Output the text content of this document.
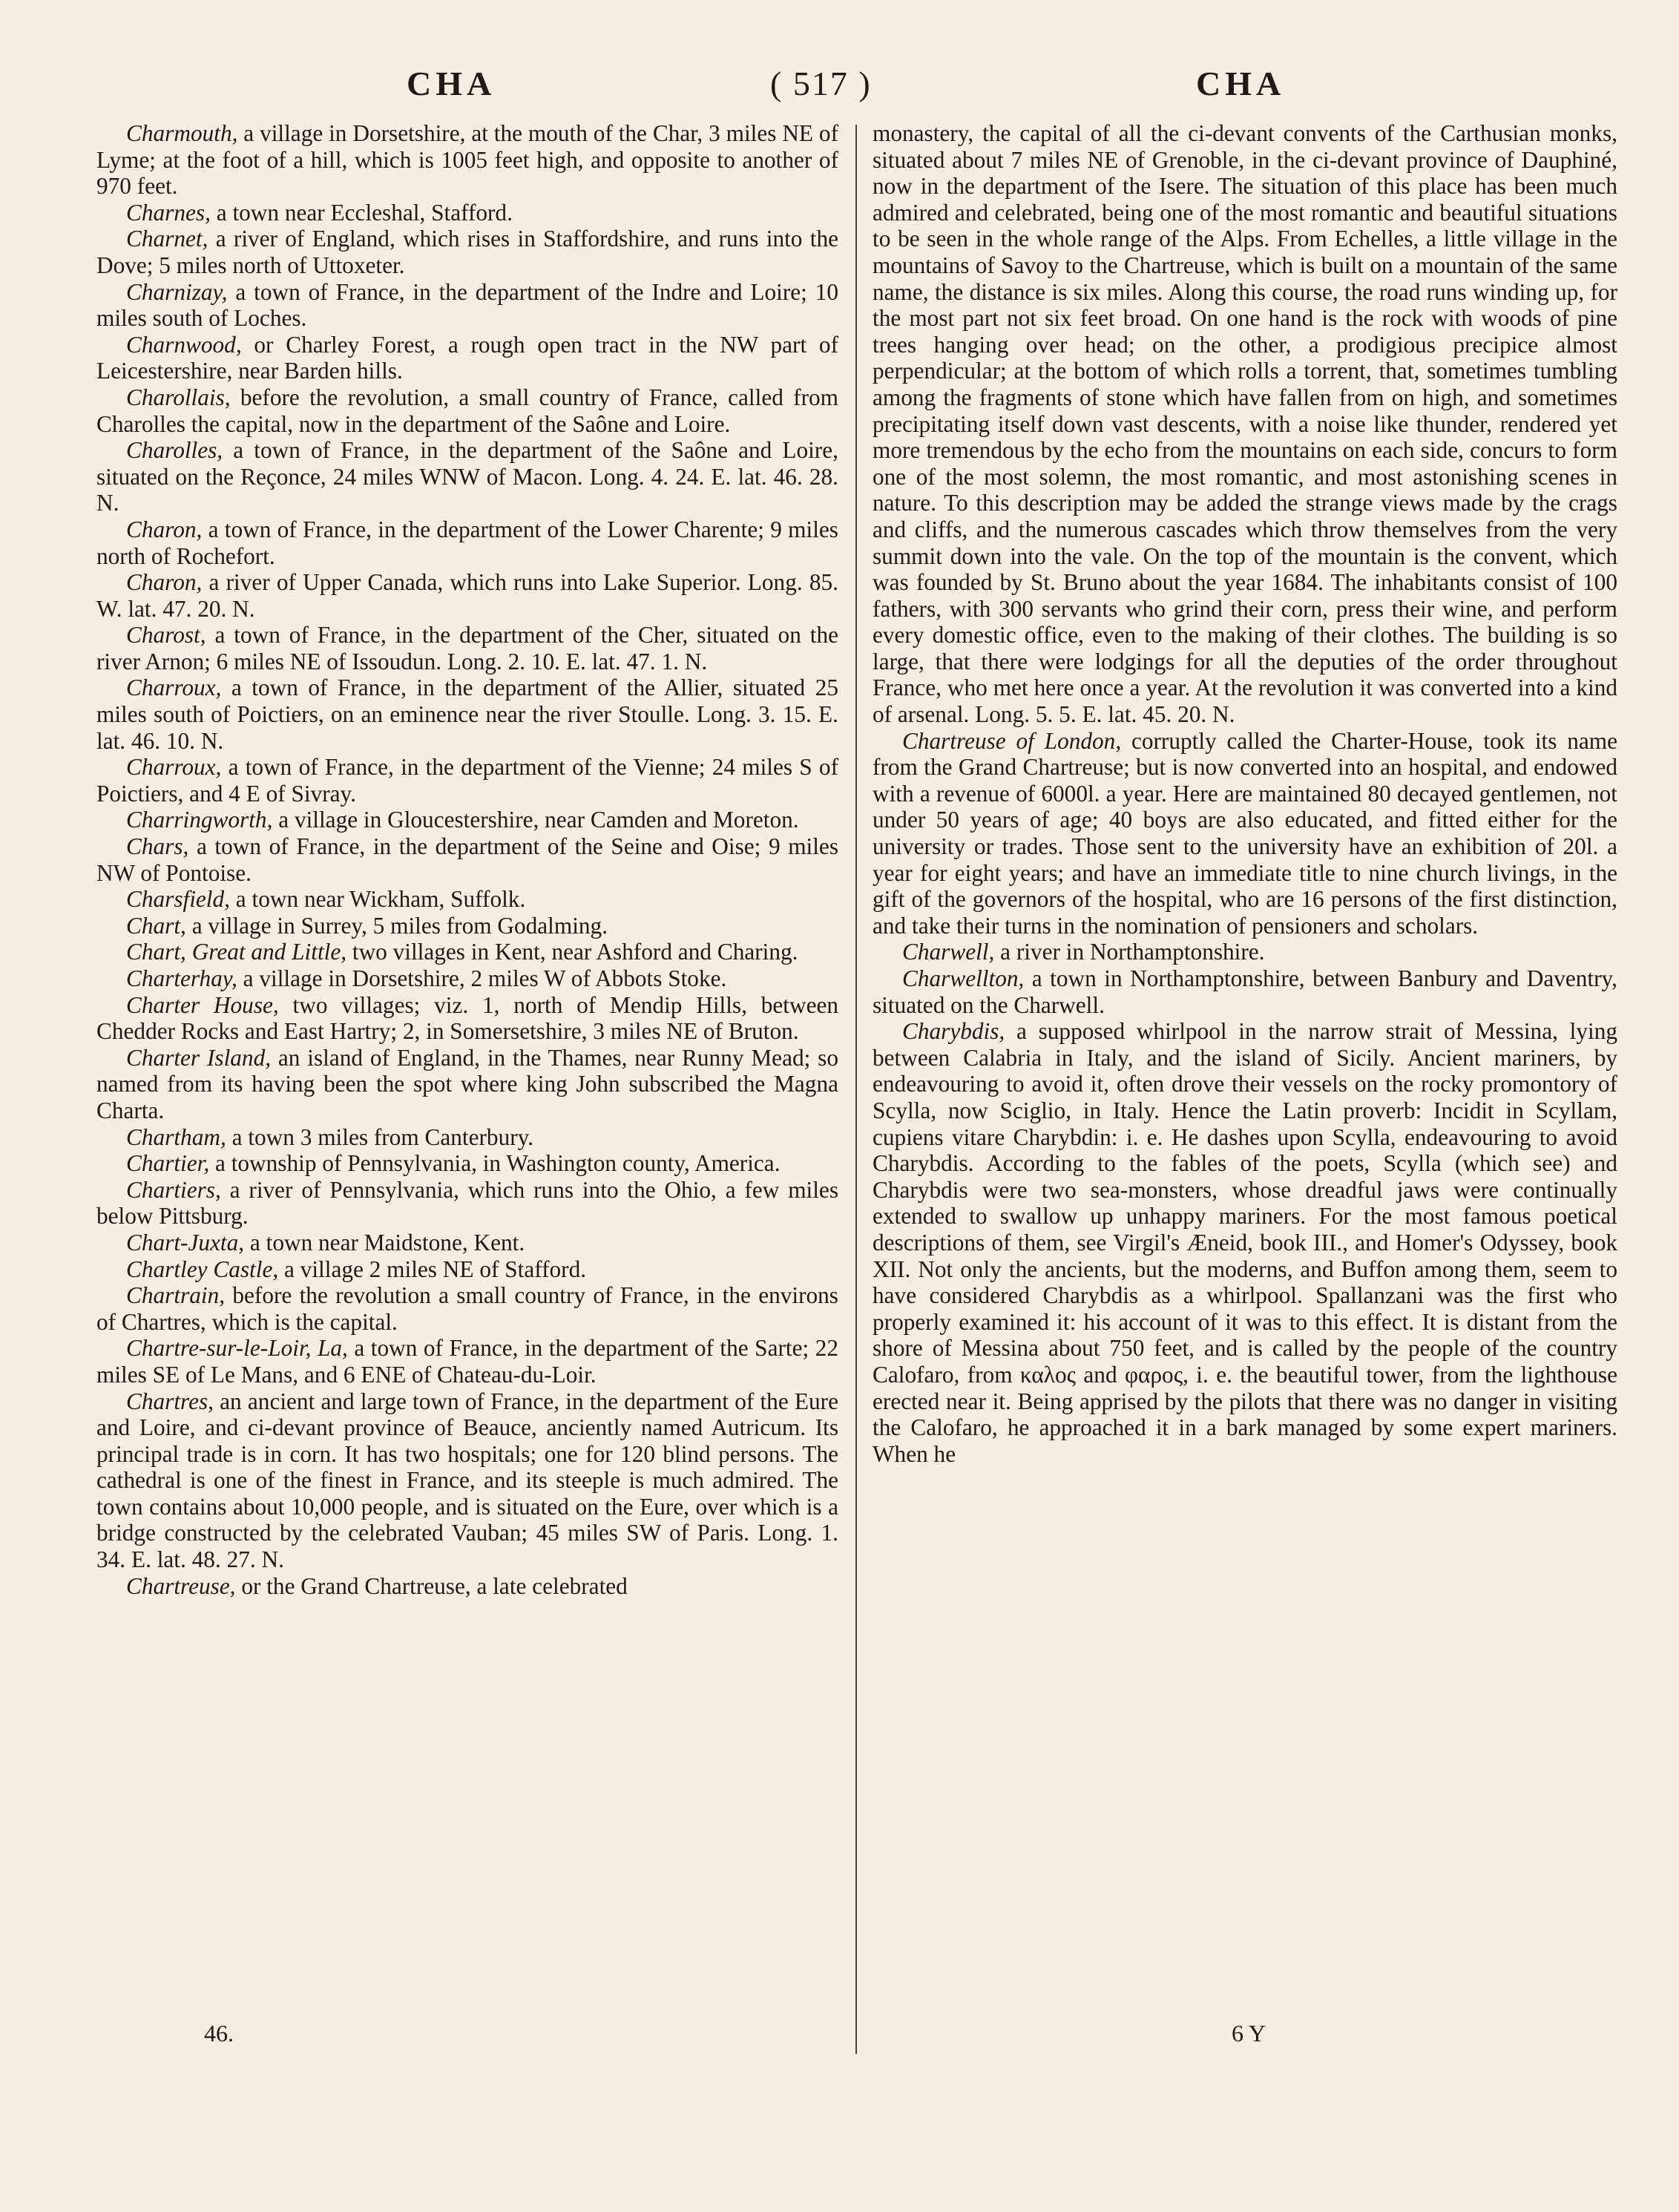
CHA	( 517 )	CHA

Charmouth, a village in Dorsetshire, at the mouth of the Char, 3 miles NE of Lyme; at the foot of a hill, which is 1005 feet high, and opposite to another of 970 feet.

Charnes, a town near Eccleshal, Stafford.

Charnet, a river of England, which rises in Staffordshire, and runs into the Dove; 5 miles north of Uttoxeter.

Charnizay, a town of France, in the department of the Indre and Loire; 10 miles south of Loches.

Charnwood, or Charley Forest, a rough open tract in the NW part of Leicestershire, near Barden hills.

Charollais, before the revolution, a small country of France, called from Charolles the capital, now in the department of the Saône and Loire.

Charolles, a town of France, in the department of the Saône and Loire, situated on the Reçonce, 24 miles WNW of Macon. Long. 4. 24. E. lat. 46. 28. N.

Charon, a town of France, in the department of the Lower Charente; 9 miles north of Rochefort.

Charon, a river of Upper Canada, which runs into Lake Superior. Long. 85. W. lat. 47. 20. N.

Charost, a town of France, in the department of the Cher, situated on the river Arnon; 6 miles NE of Issoudun. Long. 2. 10. E. lat. 47. 1. N.

Charroux, a town of France, in the department of the Allier, situated 25 miles south of Poictiers, on an eminence near the river Stoulle. Long. 3. 15. E. lat. 46. 10. N.

Charroux, a town of France, in the department of the Vienne; 24 miles S of Poictiers, and 4 E of Sivray.

Charringworth, a village in Gloucestershire, near Camden and Moreton.

Chars, a town of France, in the department of the Seine and Oise; 9 miles NW of Pontoise.

Charsfield, a town near Wickham, Suffolk.

Chart, a village in Surrey, 5 miles from Godalming.

Chart, Great and Little, two villages in Kent, near Ashford and Charing.

Charterhay, a village in Dorsetshire, 2 miles W of Abbots Stoke.

Charter House, two villages; viz. 1, north of Mendip Hills, between Chedder Rocks and East Hartry; 2, in Somersetshire, 3 miles NE of Bruton.

Charter Island, an island of England, in the Thames, near Runny Mead; so named from its having been the spot where king John subscribed the Magna Charta.

Chartham, a town 3 miles from Canterbury.

Chartier, a township of Pennsylvania, in Washington county, America.

Chartiers, a river of Pennsylvania, which runs into the Ohio, a few miles below Pittsburg.

Chart-Juxta, a town near Maidstone, Kent.

Chartley Castle, a village 2 miles NE of Stafford.

Chartrain, before the revolution a small country of France, in the environs of Chartres, which is the capital.

Chartre-sur-le-Loir, La, a town of France, in the department of the Sarte; 22 miles SE of Le Mans, and 6 ENE of Chateau-du-Loir.

Chartres, an ancient and large town of France, in the department of the Eure and Loire, and ci-devant province of Beauce, anciently named Autricum. Its principal trade is in corn. It has two hospitals; one for 120 blind persons. The cathedral is one of the finest in France, and its steeple is much admired. The town contains about 10,000 people, and is situated on the Eure, over which is a bridge constructed by the celebrated Vauban; 45 miles SW of Paris. Long. 1. 34. E. lat. 48. 27. N.

Chartreuse, or the Grand Chartreuse, a late celebrated

monastery, the capital of all the ci-devant convents of the Carthusian monks, situated about 7 miles NE of Grenoble, in the ci-devant province of Dauphiné, now in the department of the Isere. The situation of this place has been much admired and celebrated, being one of the most romantic and beautiful situations to be seen in the whole range of the Alps. From Echelles, a little village in the mountains of Savoy to the Chartreuse, which is built on a mountain of the same name, the distance is six miles. Along this course, the road runs winding up, for the most part not six feet broad. On one hand is the rock with woods of pine trees hanging over head; on the other, a prodigious precipice almost perpendicular; at the bottom of which rolls a torrent, that, sometimes tumbling among the fragments of stone which have fallen from on high, and sometimes precipitating itself down vast descents, with a noise like thunder, rendered yet more tremendous by the echo from the mountains on each side, concurs to form one of the most solemn, the most romantic, and most astonishing scenes in nature. To this description may be added the strange views made by the crags and cliffs, and the numerous cascades which throw themselves from the very summit down into the vale. On the top of the mountain is the convent, which was founded by St. Bruno about the year 1684. The inhabitants consist of 100 fathers, with 300 servants who grind their corn, press their wine, and perform every domestic office, even to the making of their clothes. The building is so large, that there were lodgings for all the deputies of the order throughout France, who met here once a year. At the revolution it was converted into a kind of arsenal. Long. 5. 5. E. lat. 45. 20. N.

Chartreuse of London, corruptly called the Charter-House, took its name from the Grand Chartreuse; but is now converted into an hospital, and endowed with a revenue of 6000l. a year. Here are maintained 80 decayed gentlemen, not under 50 years of age; 40 boys are also educated, and fitted either for the university or trades. Those sent to the university have an exhibition of 20l. a year for eight years; and have an immediate title to nine church livings, in the gift of the governors of the hospital, who are 16 persons of the first distinction, and take their turns in the nomination of pensioners and scholars.

Charwell, a river in Northamptonshire.

Charwellton, a town in Northamptonshire, between Banbury and Daventry, situated on the Charwell.

Charybdis, a supposed whirlpool in the narrow strait of Messina, lying between Calabria in Italy, and the island of Sicily. Ancient mariners, by endeavouring to avoid it, often drove their vessels on the rocky promontory of Scylla, now Sciglio, in Italy. Hence the Latin proverb: Incidit in Scyllam, cupiens vitare Charybdin: i. e. He dashes upon Scylla, endeavouring to avoid Charybdis. According to the fables of the poets, Scylla (which see) and Charybdis were two sea-monsters, whose dreadful jaws were continually extended to swallow up unhappy mariners. For the most famous poetical descriptions of them, see Virgil's Æneid, book III., and Homer's Odyssey, book XII. Not only the ancients, but the moderns, and Buffon among them, seem to have considered Charybdis as a whirlpool. Spallanzani was the first who properly examined it: his account of it was to this effect. It is distant from the shore of Messina about 750 feet, and is called by the people of the country Calofaro, from καλος and φαρος, i. e. the beautiful tower, from the lighthouse erected near it. Being apprised by the pilots that there was no danger in visiting the Calofaro, he approached it in a bark managed by some expert mariners. When he

46.	6 Y
